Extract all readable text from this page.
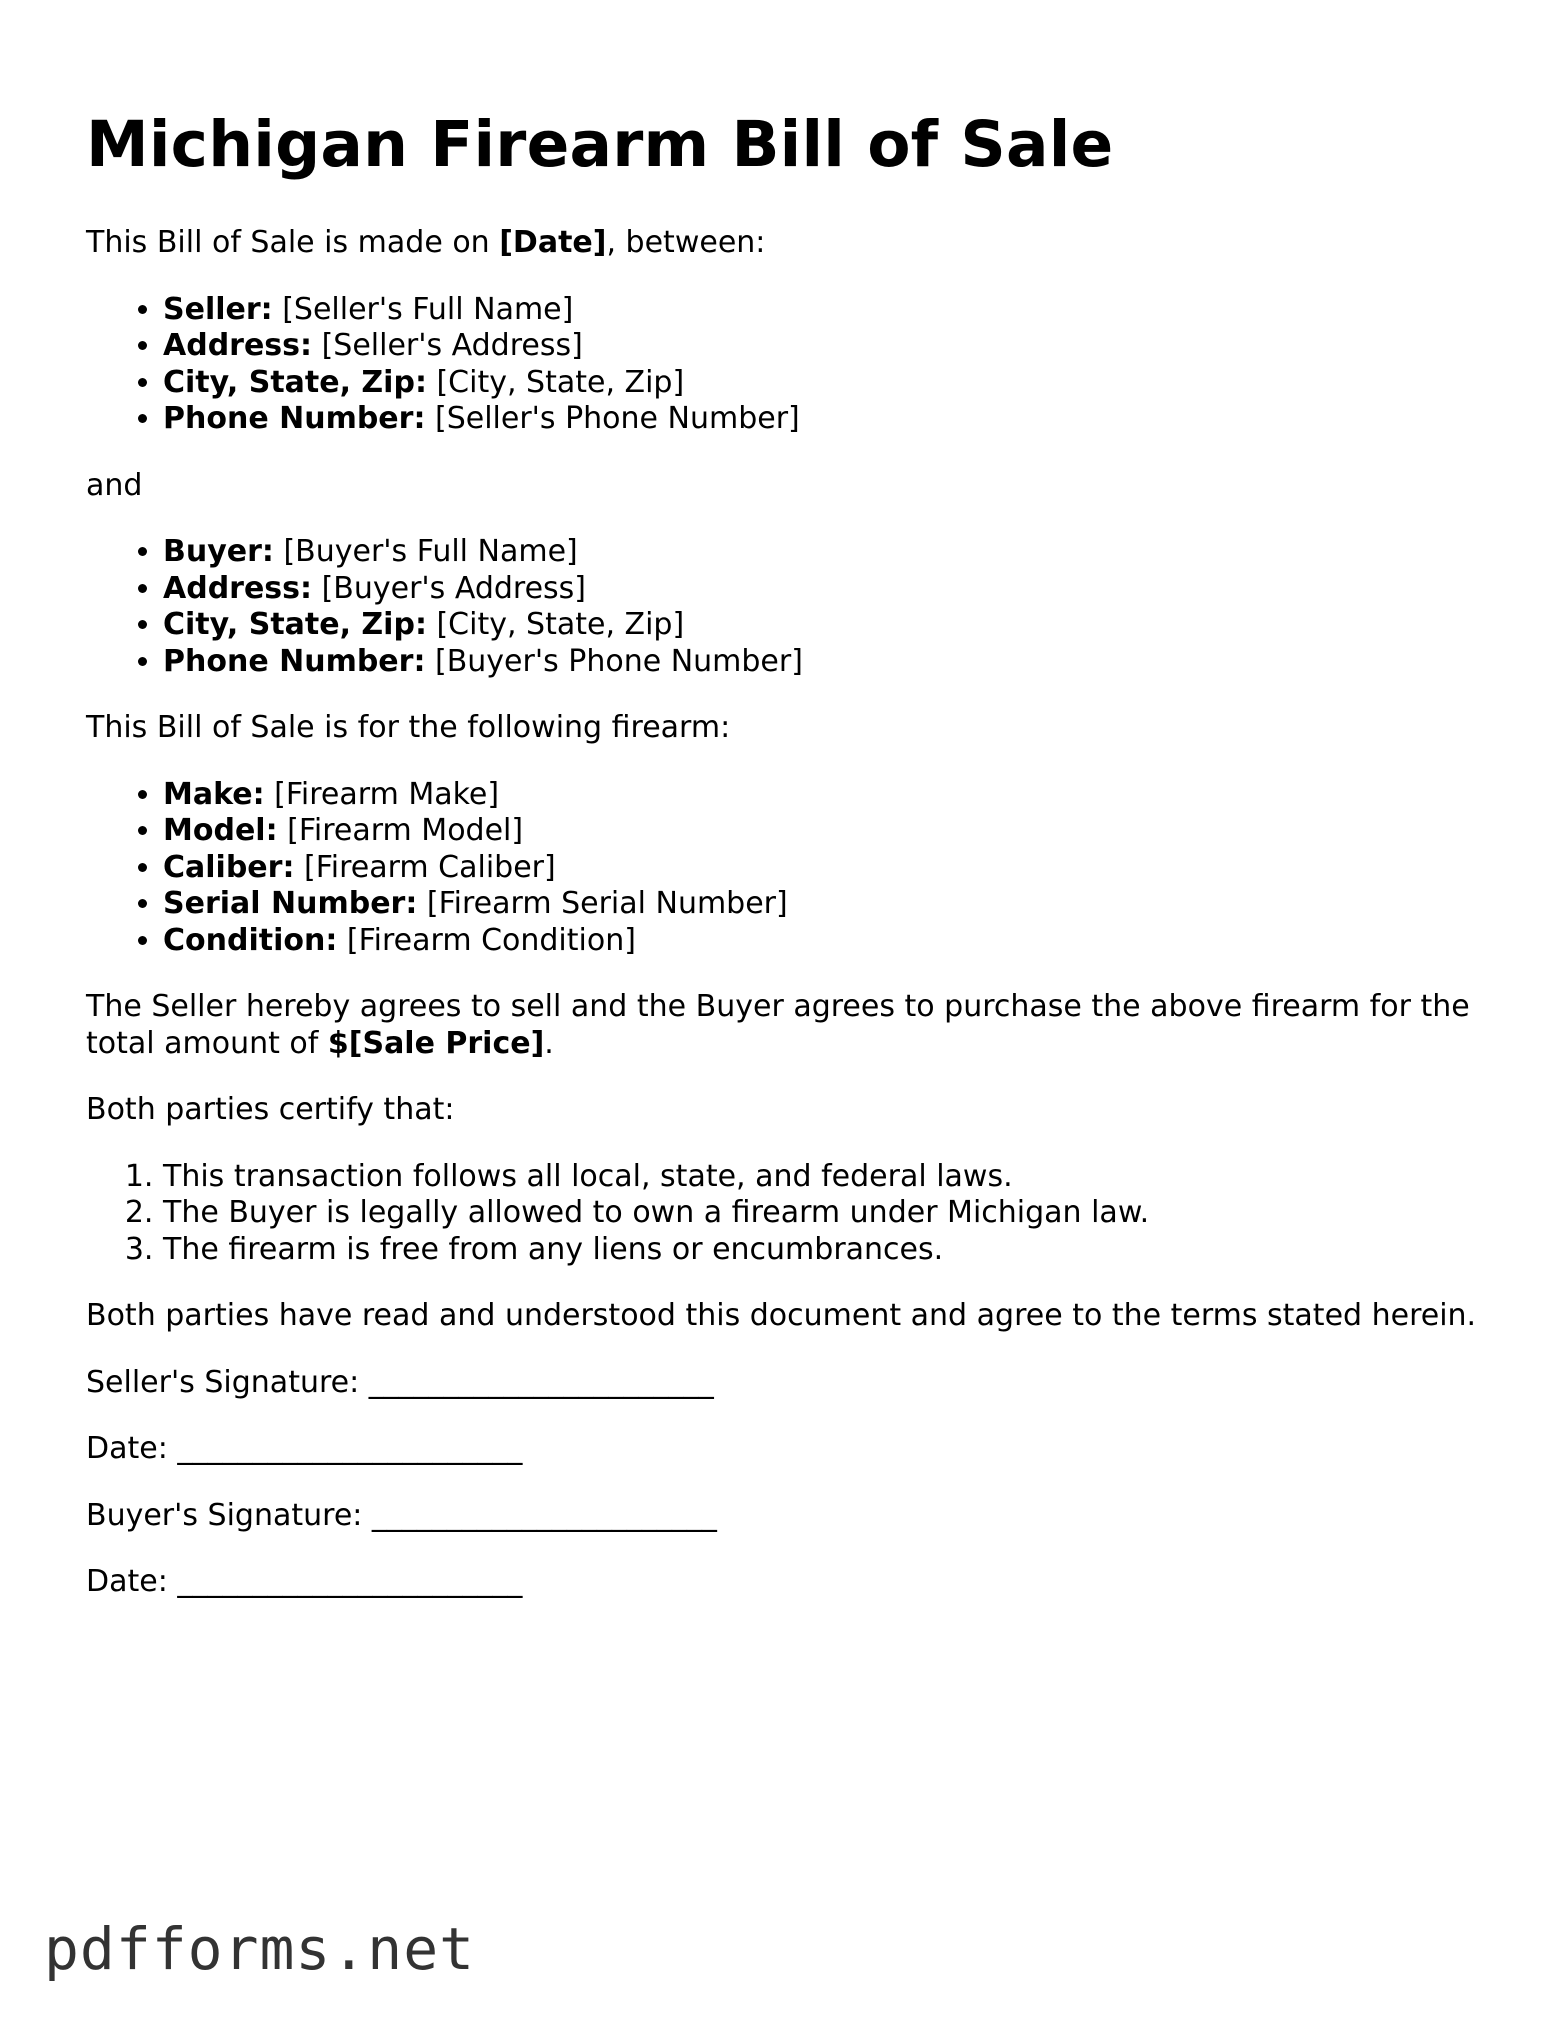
Michigan Firearm Bill of Sale

This Bill of Sale is made on [Date], between:

• Seller: [Seller's Full Name]
• Address: [Seller's Address]
• City, State, Zip: [City, State, Zip]
• Phone Number: [Seller's Phone Number]

and

• Buyer: [Buyer's Full Name]
• Address: [Buyer's Address]
• City, State, Zip: [City, State, Zip]
• Phone Number: [Buyer's Phone Number]

This Bill of Sale is for the following firearm:

• Make: [Firearm Make]
• Model: [Firearm Model]
• Caliber: [Firearm Caliber]
• Serial Number: [Firearm Serial Number]
• Condition: [Firearm Condition]

The Seller hereby agrees to sell and the Buyer agrees to purchase the above firearm for the total amount of $[Sale Price].

Both parties certify that:

1. This transaction follows all local, state, and federal laws.
2. The Buyer is legally allowed to own a firearm under Michigan law.
3. The firearm is free from any liens or encumbrances.

Both parties have read and understood this document and agree to the terms stated herein.

Seller's Signature: _______________________

Date: _______________________

Buyer's Signature: _______________________

Date: _______________________

pdfforms.net
